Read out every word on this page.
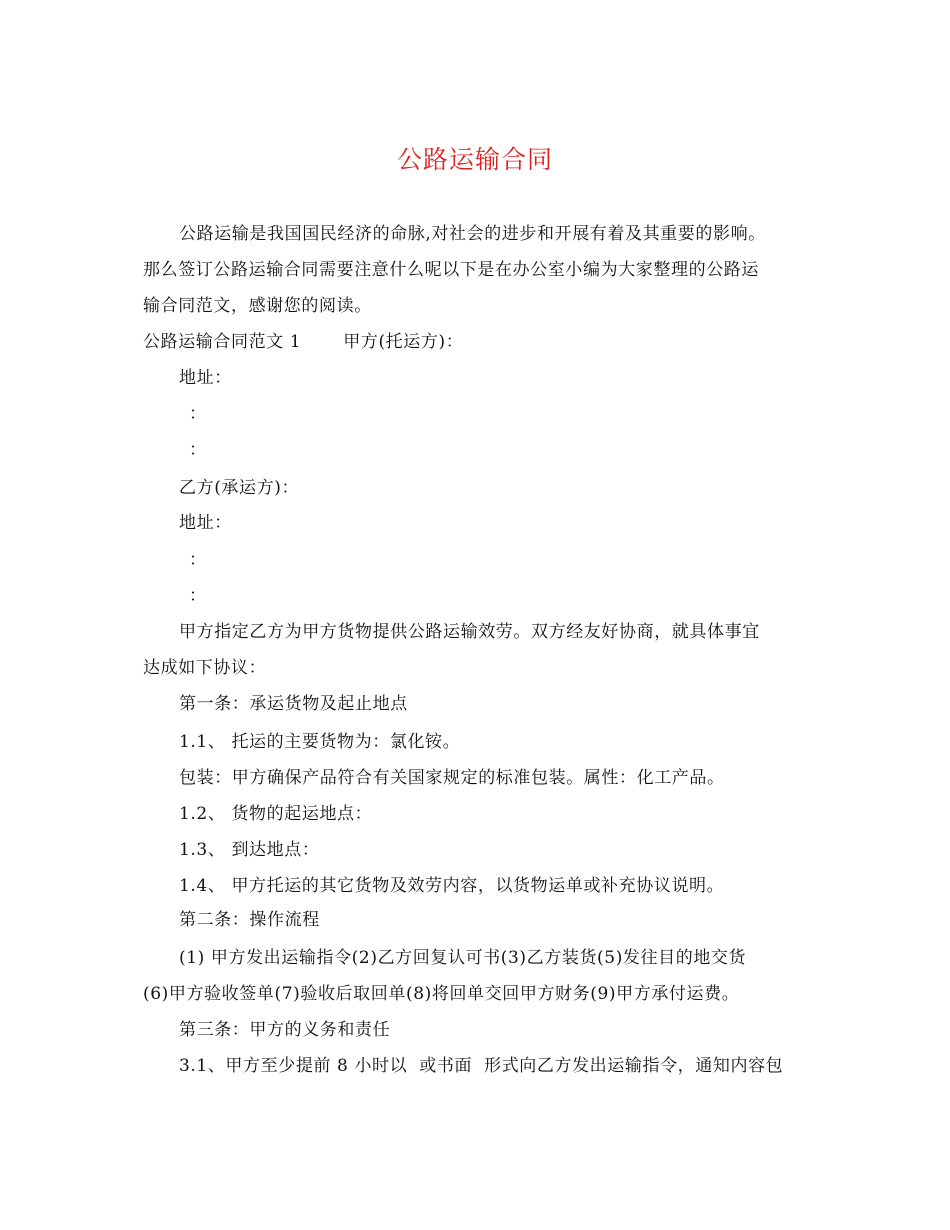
公路运输合同
公路运输是我国国民经济的命脉,对社会的进步和开展有着及其重要的影响。
那么签订公路运输合同需要注意什么呢以下是在办公室小编为大家整理的公路运
输合同范文，感谢您的阅读。
公路运输合同范文 1       甲方(托运方)：
地址：
：
：
乙方(承运方)：
地址：
：
：
甲方指定乙方为甲方货物提供公路运输效劳。双方经友好协商，就具体事宜
达成如下协议：
第一条：承运货物及起止地点
1.1、 托运的主要货物为：氯化铵。
包装：甲方确保产品符合有关国家规定的标准包装。属性：化工产品。
1.2、 货物的起运地点：
1.3、 到达地点：
1.4、 甲方托运的其它货物及效劳内容，以货物运单或补充协议说明。
第二条：操作流程
(1) 甲方发出运输指令(2)乙方回复认可书(3)乙方装货(5)发往目的地交货
(6)甲方验收签单(7)验收后取回单(8)将回单交回甲方财务(9)甲方承付运费。
第三条：甲方的义务和责任
3.1、甲方至少提前 8 小时以  或书面  形式向乙方发出运输指令，通知内容包
